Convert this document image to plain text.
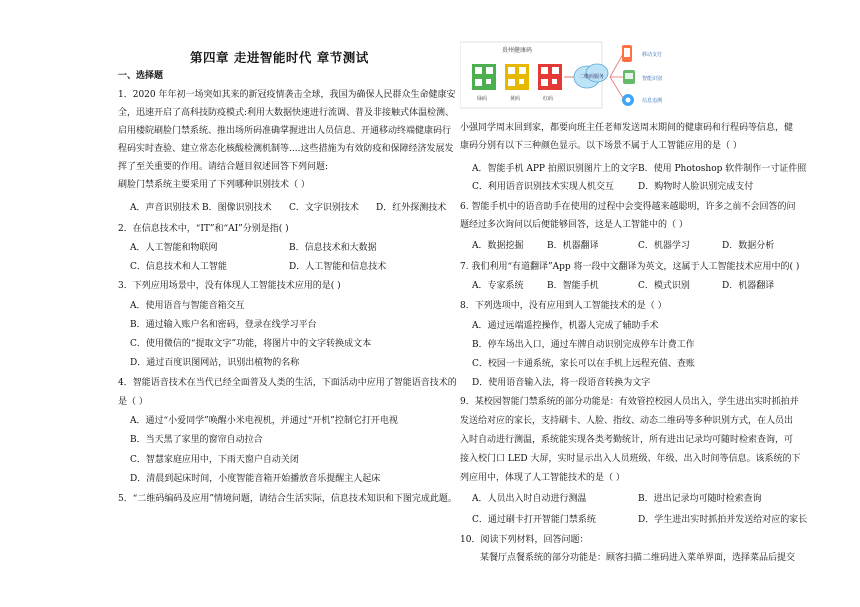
第四章 走进智能时代 章节测试
一、选择题
1．2020 年年初一场突如其来的新冠疫情袭击全球，我国为确保人民群众生命健康安
全，迅速开启了高科技防疫模式:利用大数据快速进行流调、普及非接触式体温检测、
启用楼院刷脸门禁系统、推出场所码准确掌握进出人员信息、开通移动终端健康码行
程码实时查验、建立常态化核酸检测机制等....这些措施为有效防疫和保障经济发展发
挥了至关重要的作用。请结合题目叙述回答下列问题:
刷脸门禁系统主要采用了下列哪种识别技术（ ）
A．声音识别技术 B．图像识别技术 C．文字识别技术 D．红外探测技术
2．在信息技术中，“IT”和“AI”分别是指( )
A．人工智能和物联网	B．信息技术和大数据
C．信息技术和人工智能	D．人工智能和信息技术
3．下列应用场景中，没有体现人工智能技术应用的是( )
A．使用语音与智能音箱交互
B．通过输入账户名和密码，登录在线学习平台
C．使用微信的“提取文字”功能，将图片中的文字转换成文本
D．通过百度识图网站，识别出植物的名称
4．智能语音技术在当代已经全面普及人类的生活，下面活动中应用了智能语音技术的
是（ ）
A．通过“小爱同学”唤醒小米电视机，并通过“开机”控制它打开电视
B．当天黑了家里的窗帘自动拉合
C．智慧家庭应用中，下雨天窗户自动关闭
D．清晨到起床时间，小度智能音箱开始播放音乐提醒主人起床
5．“二维码编码及应用”情境问题，请结合生活实际，信息技术知识和下图完成此题。
贵州健康码
绿码	黄码	红码
二维码服务
移动支付
智能识别
信息追溯
小强同学周末回到家，都要向班主任老师发送周末期间的健康码和行程码等信息，健
康码分别有以下三种颜色显示。以下场景不属于人工智能应用的是（ ）
A．智能手机 APP 拍照识别图片上的文字 B．使用 Photoshop 软件制作一寸证件照
C．利用语音识别技术实现人机交互	D．购物时人脸识别完成支付
6. 智能手机中的语音助手在使用的过程中会变得越来越聪明，许多之前不会回答的问
题经过多次询问以后便能够回答，这是人工智能中的（ ）
A．数据挖掘	B．机器翻译	C．机器学习	D．数据分析
7. 我们利用“有道翻译”App 将一段中文翻译为英文，这属于人工智能技术应用中的( )
A．专家系统	B．智能手机	C．模式识别	D．机器翻译
8．下列选项中，没有应用到人工智能技术的是（ ）
A．通过远端遥控操作，机器人完成了辅助手术
B．停车场出入口，通过车牌自动识别完成停车计费工作
C．校园一卡通系统，家长可以在手机上远程充值、查账
D．使用语音输入法，将一段语音转换为文字
9．某校园智能门禁系统的部分功能是：有效管控校园人员出入，学生进出实时抓拍并
发送给对应的家长，支持刷卡、人脸、指纹、动态二维码等多种识别方式，在人员出
入时自动进行测温，系统能实现各类考勤统计，所有进出记录均可随时检索查询，可
接入校门口 LED 大屏，实时显示出入人员班级、年级、出入时间等信息。该系统的下
列应用中，体现了人工智能技术的是（ ）
A．人员出入时自动进行测温	B．进出记录均可随时检索查询
C．通过刷卡打开智能门禁系统	D．学生进出实时抓拍并发送给对应的家长
10．阅读下列材料，回答问题：
某餐厅点餐系统的部分功能是：顾客扫描二维码进入菜单界面，选择菜品后提交
